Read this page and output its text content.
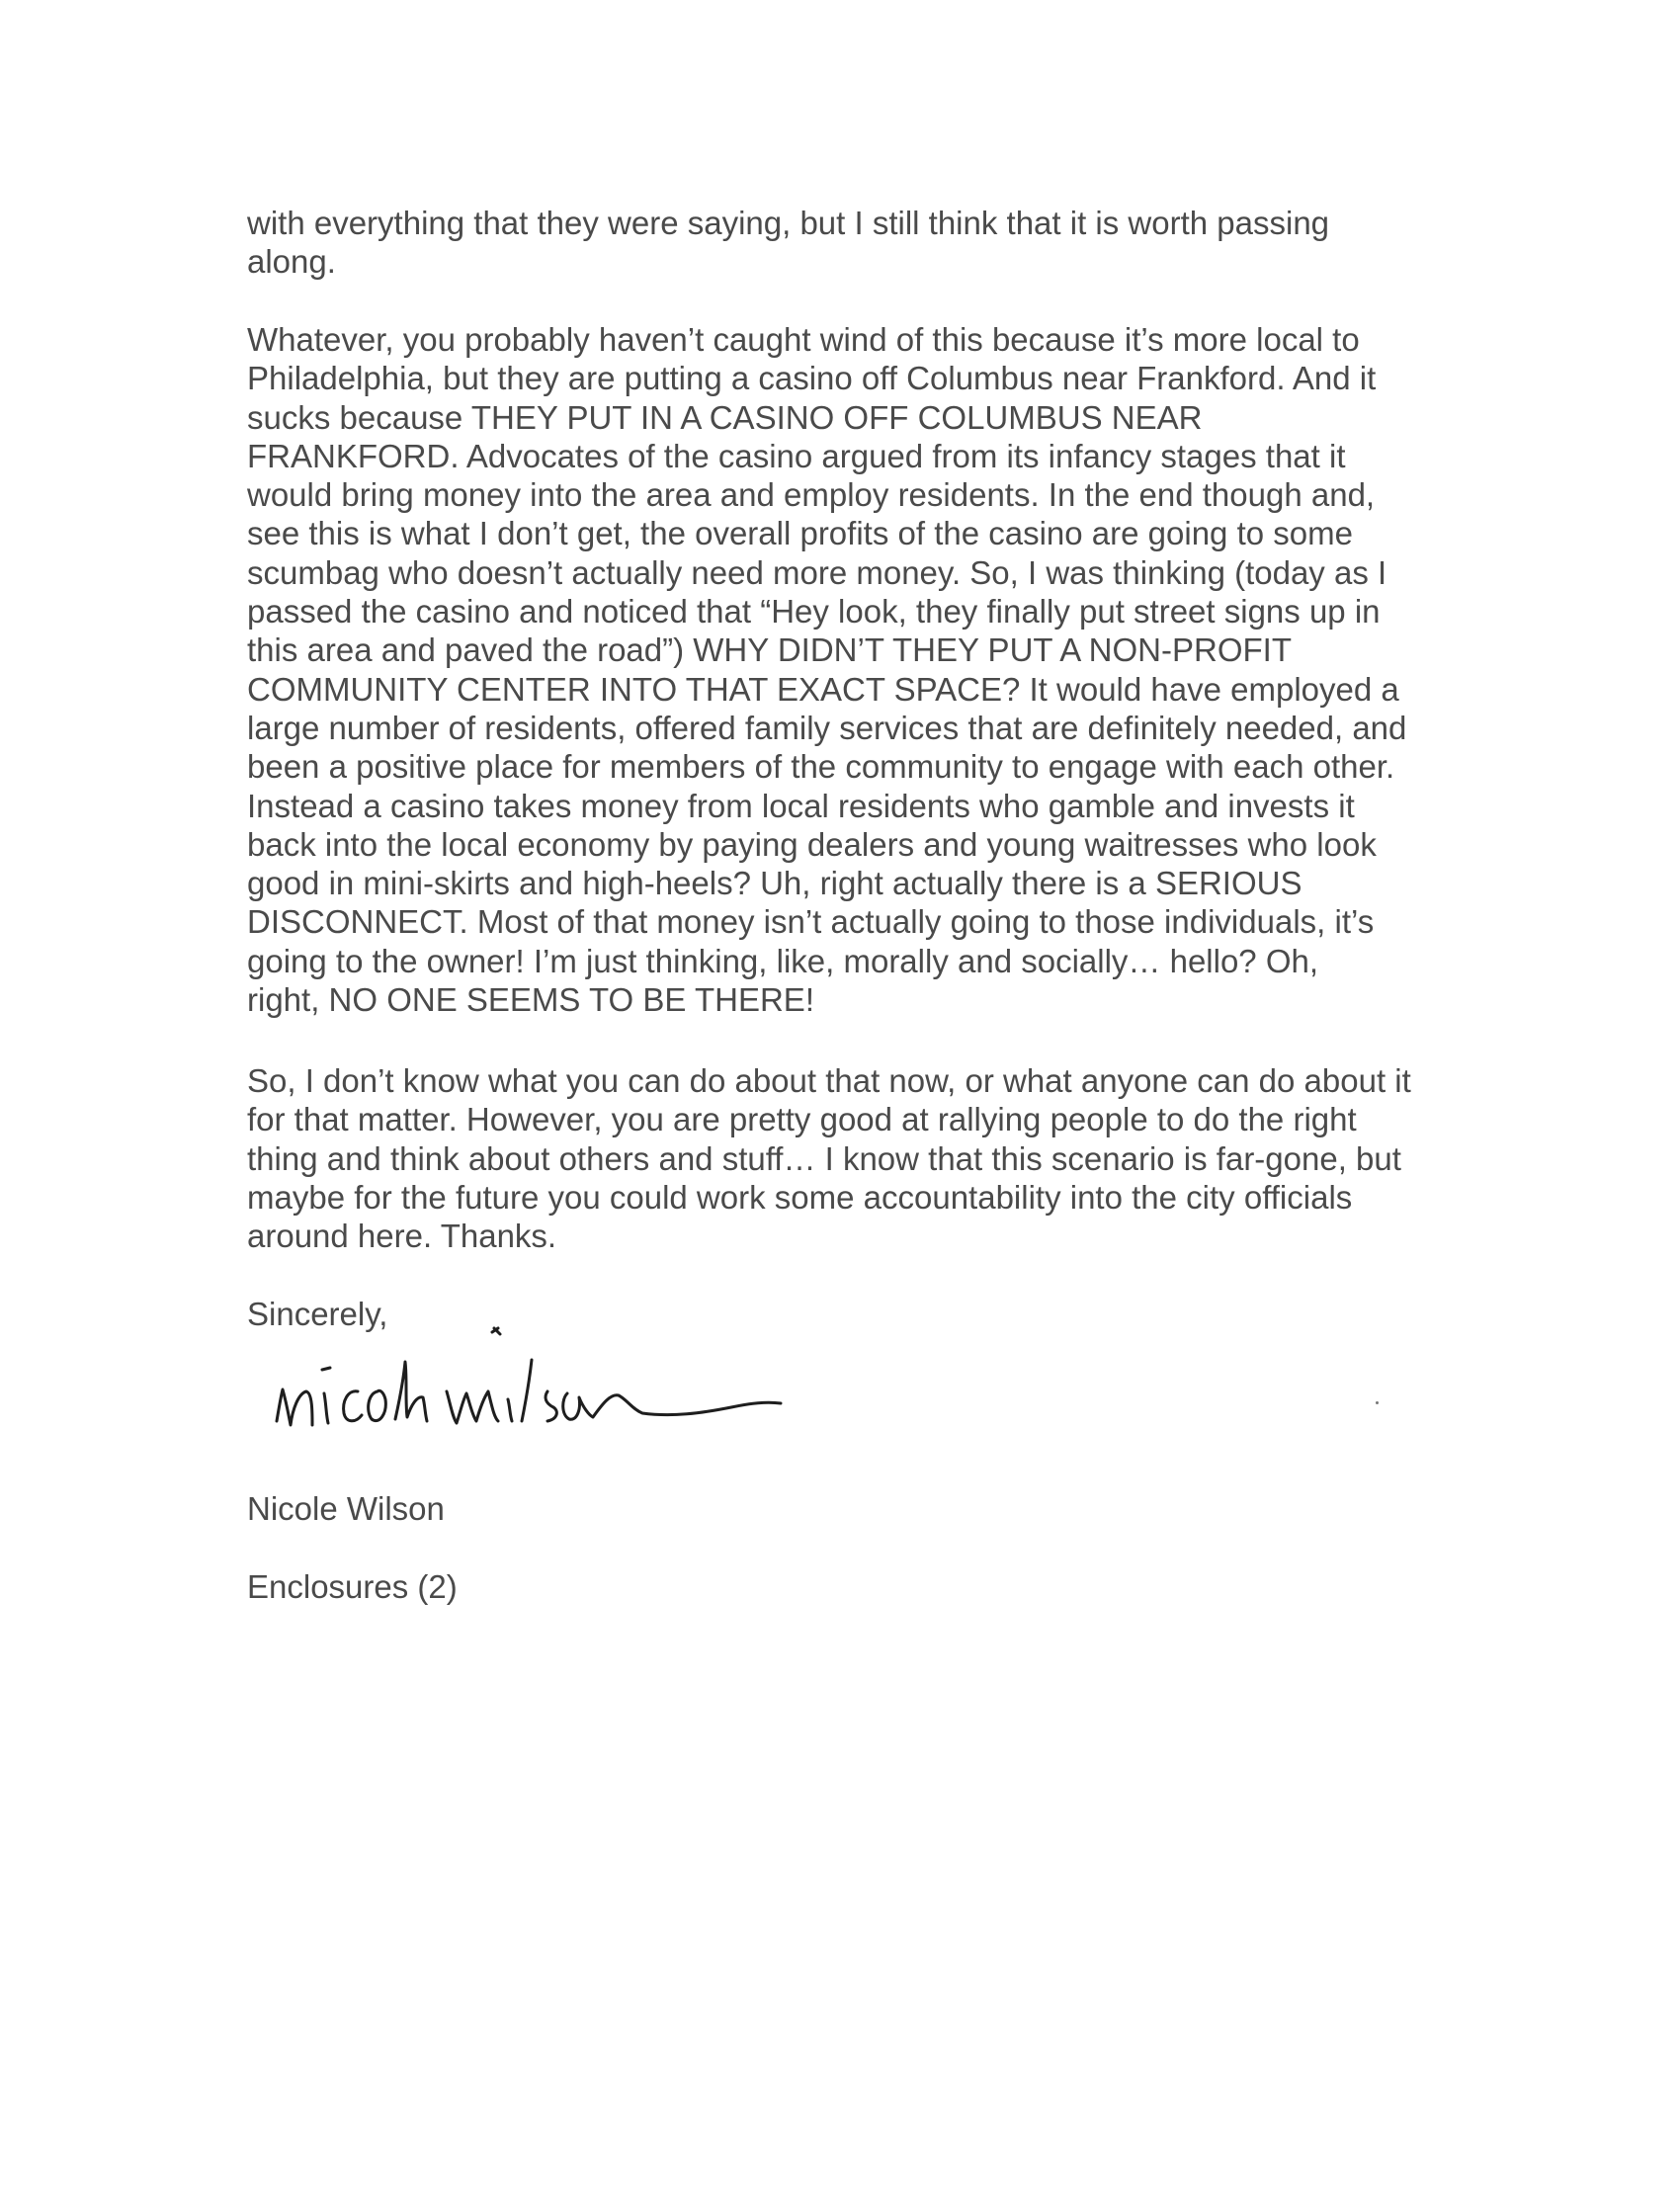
with everything that they were saying, but I still think that it is worth passing
along.
Whatever, you probably haven’t caught wind of this because it’s more local to
Philadelphia, but they are putting a casino off Columbus near Frankford. And it
sucks because THEY PUT IN A CASINO OFF COLUMBUS NEAR
FRANKFORD. Advocates of the casino argued from its infancy stages that it
would bring money into the area and employ residents. In the end though and,
see this is what I don’t get, the overall profits of the casino are going to some
scumbag who doesn’t actually need more money. So, I was thinking (today as I
passed the casino and noticed that “Hey look, they finally put street signs up in
this area and paved the road”) WHY DIDN’T THEY PUT A NON-PROFIT
COMMUNITY CENTER INTO THAT EXACT SPACE? It would have employed a
large number of residents, offered family services that are definitely needed, and
been a positive place for members of the community to engage with each other.
Instead a casino takes money from local residents who gamble and invests it
back into the local economy by paying dealers and young waitresses who look
good in mini-skirts and high-heels? Uh, right actually there is a SERIOUS
DISCONNECT. Most of that money isn’t actually going to those individuals, it’s
going to the owner! I’m just thinking, like, morally and socially… hello? Oh,
right, NO ONE SEEMS TO BE THERE!
So, I don’t know what you can do about that now, or what anyone can do about it
for that matter. However, you are pretty good at rallying people to do the right
thing and think about others and stuff… I know that this scenario is far-gone, but
maybe for the future you could work some accountability into the city officials
around here. Thanks.
Sincerely,
Nicole Wilson
Enclosures (2)
